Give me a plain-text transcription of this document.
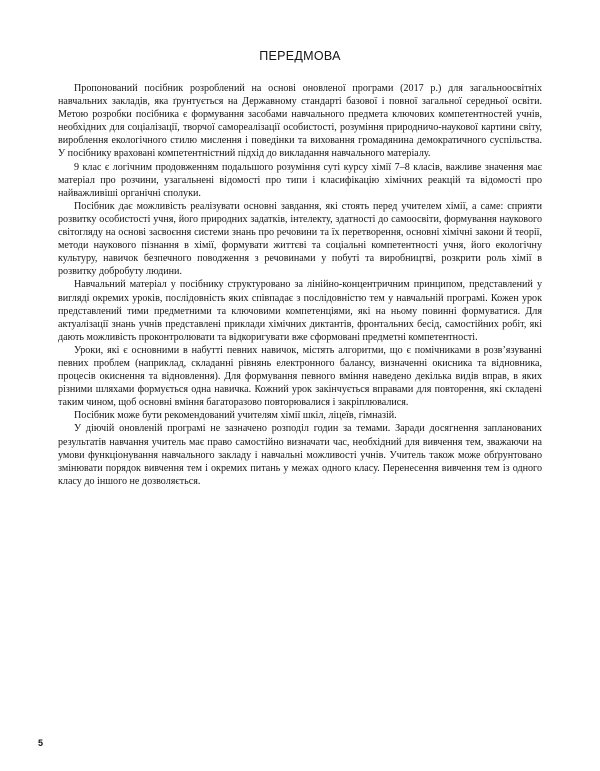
ПЕРЕДМОВА

Пропонований посібник розроблений на основі оновленої програми (2017 р.) для загальноосвітніх навчальних закладів, яка ґрунтується на Державному стандарті базової і повної загальної середньої освіти. Метою розробки посібника є формування засобами навчального предмета ключових компетентностей учнів, необхідних для соціалізації, творчої самореалізації особистості, розуміння природничо-наукової картини світу, вироблення екологічного стилю мислення і поведінки та виховання громадянина демократичного суспільства. У посібнику враховані компетентністний підхід до викладання навчального матеріалу.

9 клас є логічним продовженням подальшого розуміння суті курсу хімії 7–8 класів, важливе значення має матеріал про розчини, узагальнені відомості про типи і класифікацію хімічних реакцій та відомості про найважливіші органічні сполуки.

Посібник дає можливість реалізувати основні завдання, які стоять перед учителем хімії, а саме: сприяти розвитку особистості учня, його природних задатків, інтелекту, здатності до самоосвіти, формування наукового світогляду на основі засвоєння системи знань про речовини та їх перетворення, основні хімічні закони й теорії, методи наукового пізнання в хімії, формувати життєві та соціальні компетентності учня, його екологічну культуру, навичок безпечного поводження з речовинами у побуті та виробництві, розкрити роль хімії в розвитку добробуту людини.

Навчальний матеріал у посібнику структуровано за лінійно-концентричним принципом, представлений у вигляді окремих уроків, послідовність яких співпадає з послідовністю тем у навчальній програмі. Кожен урок представлений тими предметними та ключовими компетенціями, які на ньому повинні формуватися. Для актуалізації знань учнів представлені приклади хімічних диктантів, фронтальних бесід, самостійних робіт, які дають можливість проконтролювати та відкоригувати вже сформовані предметні компетентності.

Уроки, які є основними в набутті певних навичок, містять алгоритми, що є помічниками в розв’язуванні певних проблем (наприклад, складанні рівнянь електронного балансу, визначенні окисника та відновника, процесів окиснення та відновлення). Для формування певного вміння наведено декілька видів вправ, в яких різними шляхами формується одна навичка. Кожний урок закінчується вправами для повторення, які складені таким чином, щоб основні вміння багаторазово повторювалися і закріплювалися.

Посібник може бути рекомендований учителям хімії шкіл, ліцеїв, гімназій.

У діючій оновленій програмі не зазначено розподіл годин за темами. Заради досягнення запланованих результатів навчання учитель має право самостійно визначати час, необхідний для вивчення тем, зважаючи на умови функціонування навчального закладу і навчальні можливості учнів. Учитель також може обґрунтовано змінювати порядок вивчення тем і окремих питань у межах одного класу. Перенесення вивчення тем із одного класу до іншого не дозволяється.

5
